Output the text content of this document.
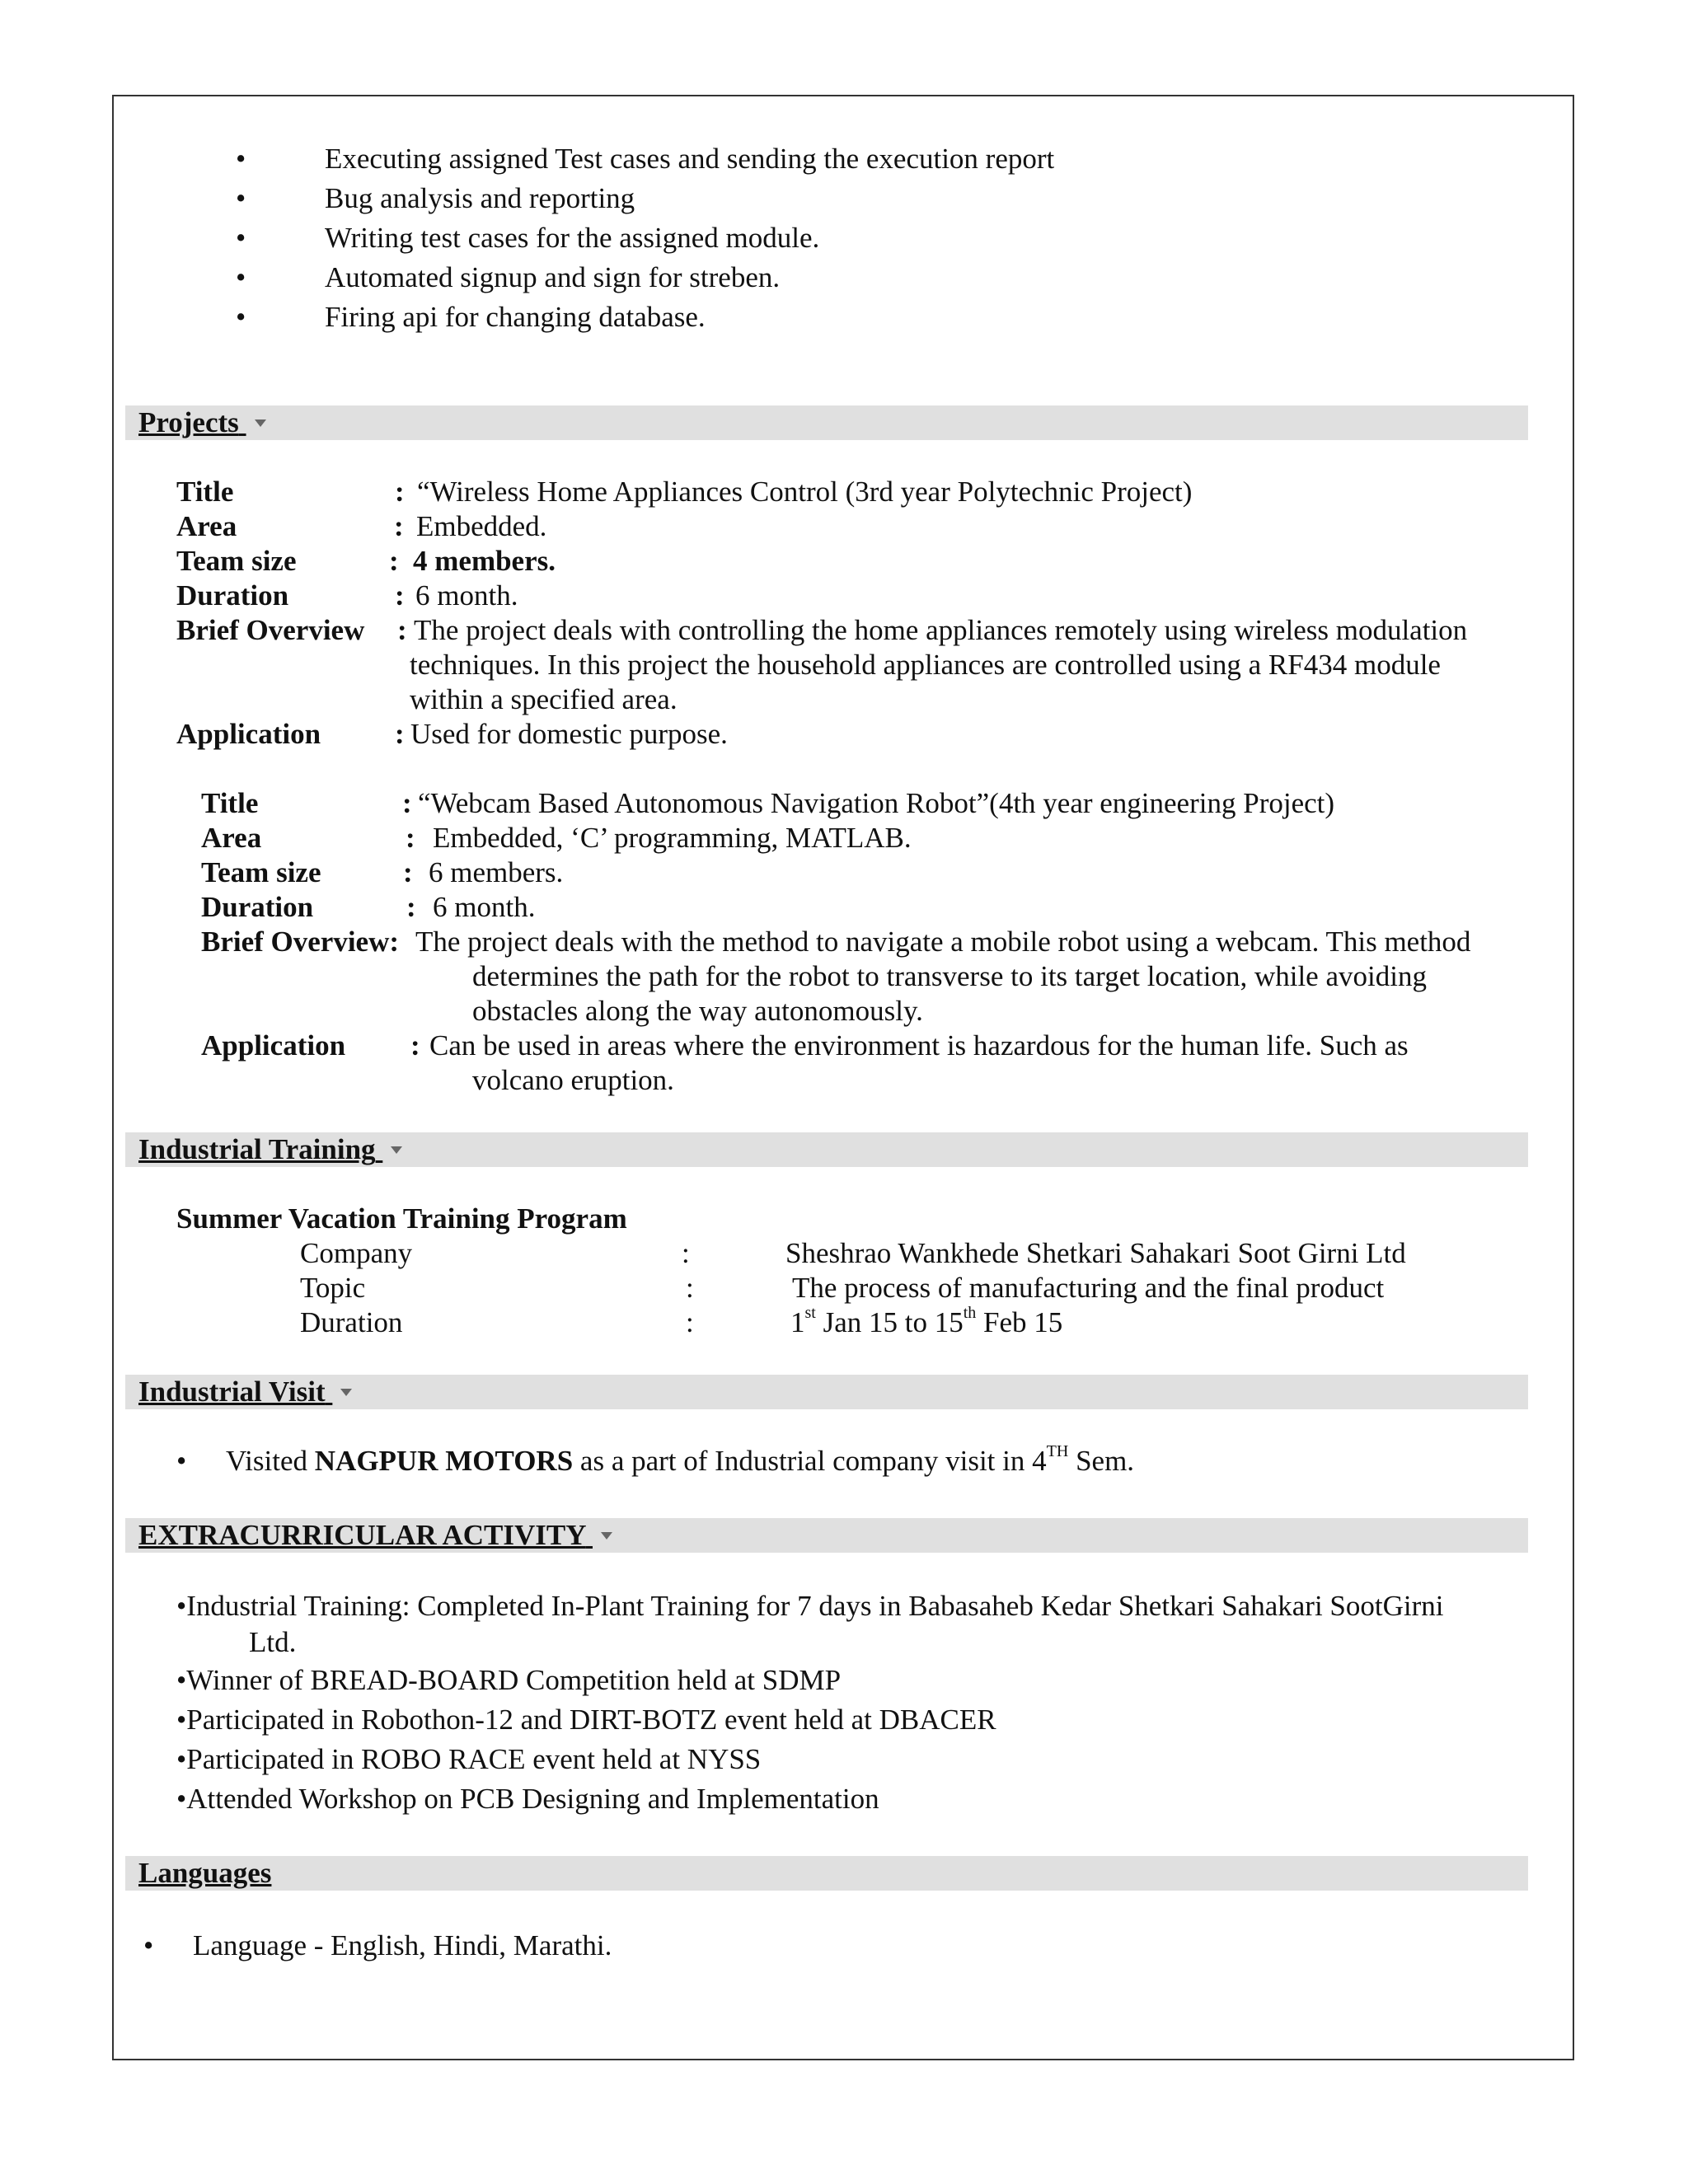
•	Executing assigned Test cases and sending the execution report
•	Bug analysis and reporting
•	Writing test cases for the assigned module.
•	Automated signup and sign for streben.
•	Firing api for changing database.
Projects
Title	: “Wireless Home Appliances Control (3rd year Polytechnic Project)
Area	: Embedded.
Team size	: 4 members.
Duration	: 6 month.
Brief Overview : The project deals with controlling the home appliances remotely using wireless modulation
techniques. In this project the household appliances are controlled using a RF434 module
within a specified area.
Application	: Used for domestic purpose.
Title	: “Webcam Based Autonomous Navigation Robot”(4th year engineering Project)
Area	: Embedded, ‘C’ programming, MATLAB.
Team size	: 6 members.
Duration	: 6 month.
Brief Overview: The project deals with the method to navigate a mobile robot using a webcam. This method
determines the path for the robot to transverse to its target location, while avoiding
obstacles along the way autonomously.
Application : Can be used in areas where the environment is hazardous for the human life. Such as
volcano eruption.
Industrial Training
Summer Vacation Training Program
Company	:	Sheshrao Wankhede Shetkari Sahakari Soot Girni Ltd
Topic	:	The process of manufacturing and the final product
Duration	:	1st Jan 15 to 15th Feb 15
Industrial Visit
• Visited NAGPUR MOTORS as a part of Industrial company visit in 4TH Sem.
EXTRACURRICULAR ACTIVITY
•Industrial Training: Completed In-Plant Training for 7 days in Babasaheb Kedar Shetkari Sahakari SootGirni
Ltd.
•Winner of BREAD-BOARD Competition held at SDMP
•Participated in Robothon-12 and DIRT-BOTZ event held at DBACER
•Participated in ROBO RACE event held at NYSS
•Attended Workshop on PCB Designing and Implementation
Languages
• Language - English, Hindi, Marathi.
